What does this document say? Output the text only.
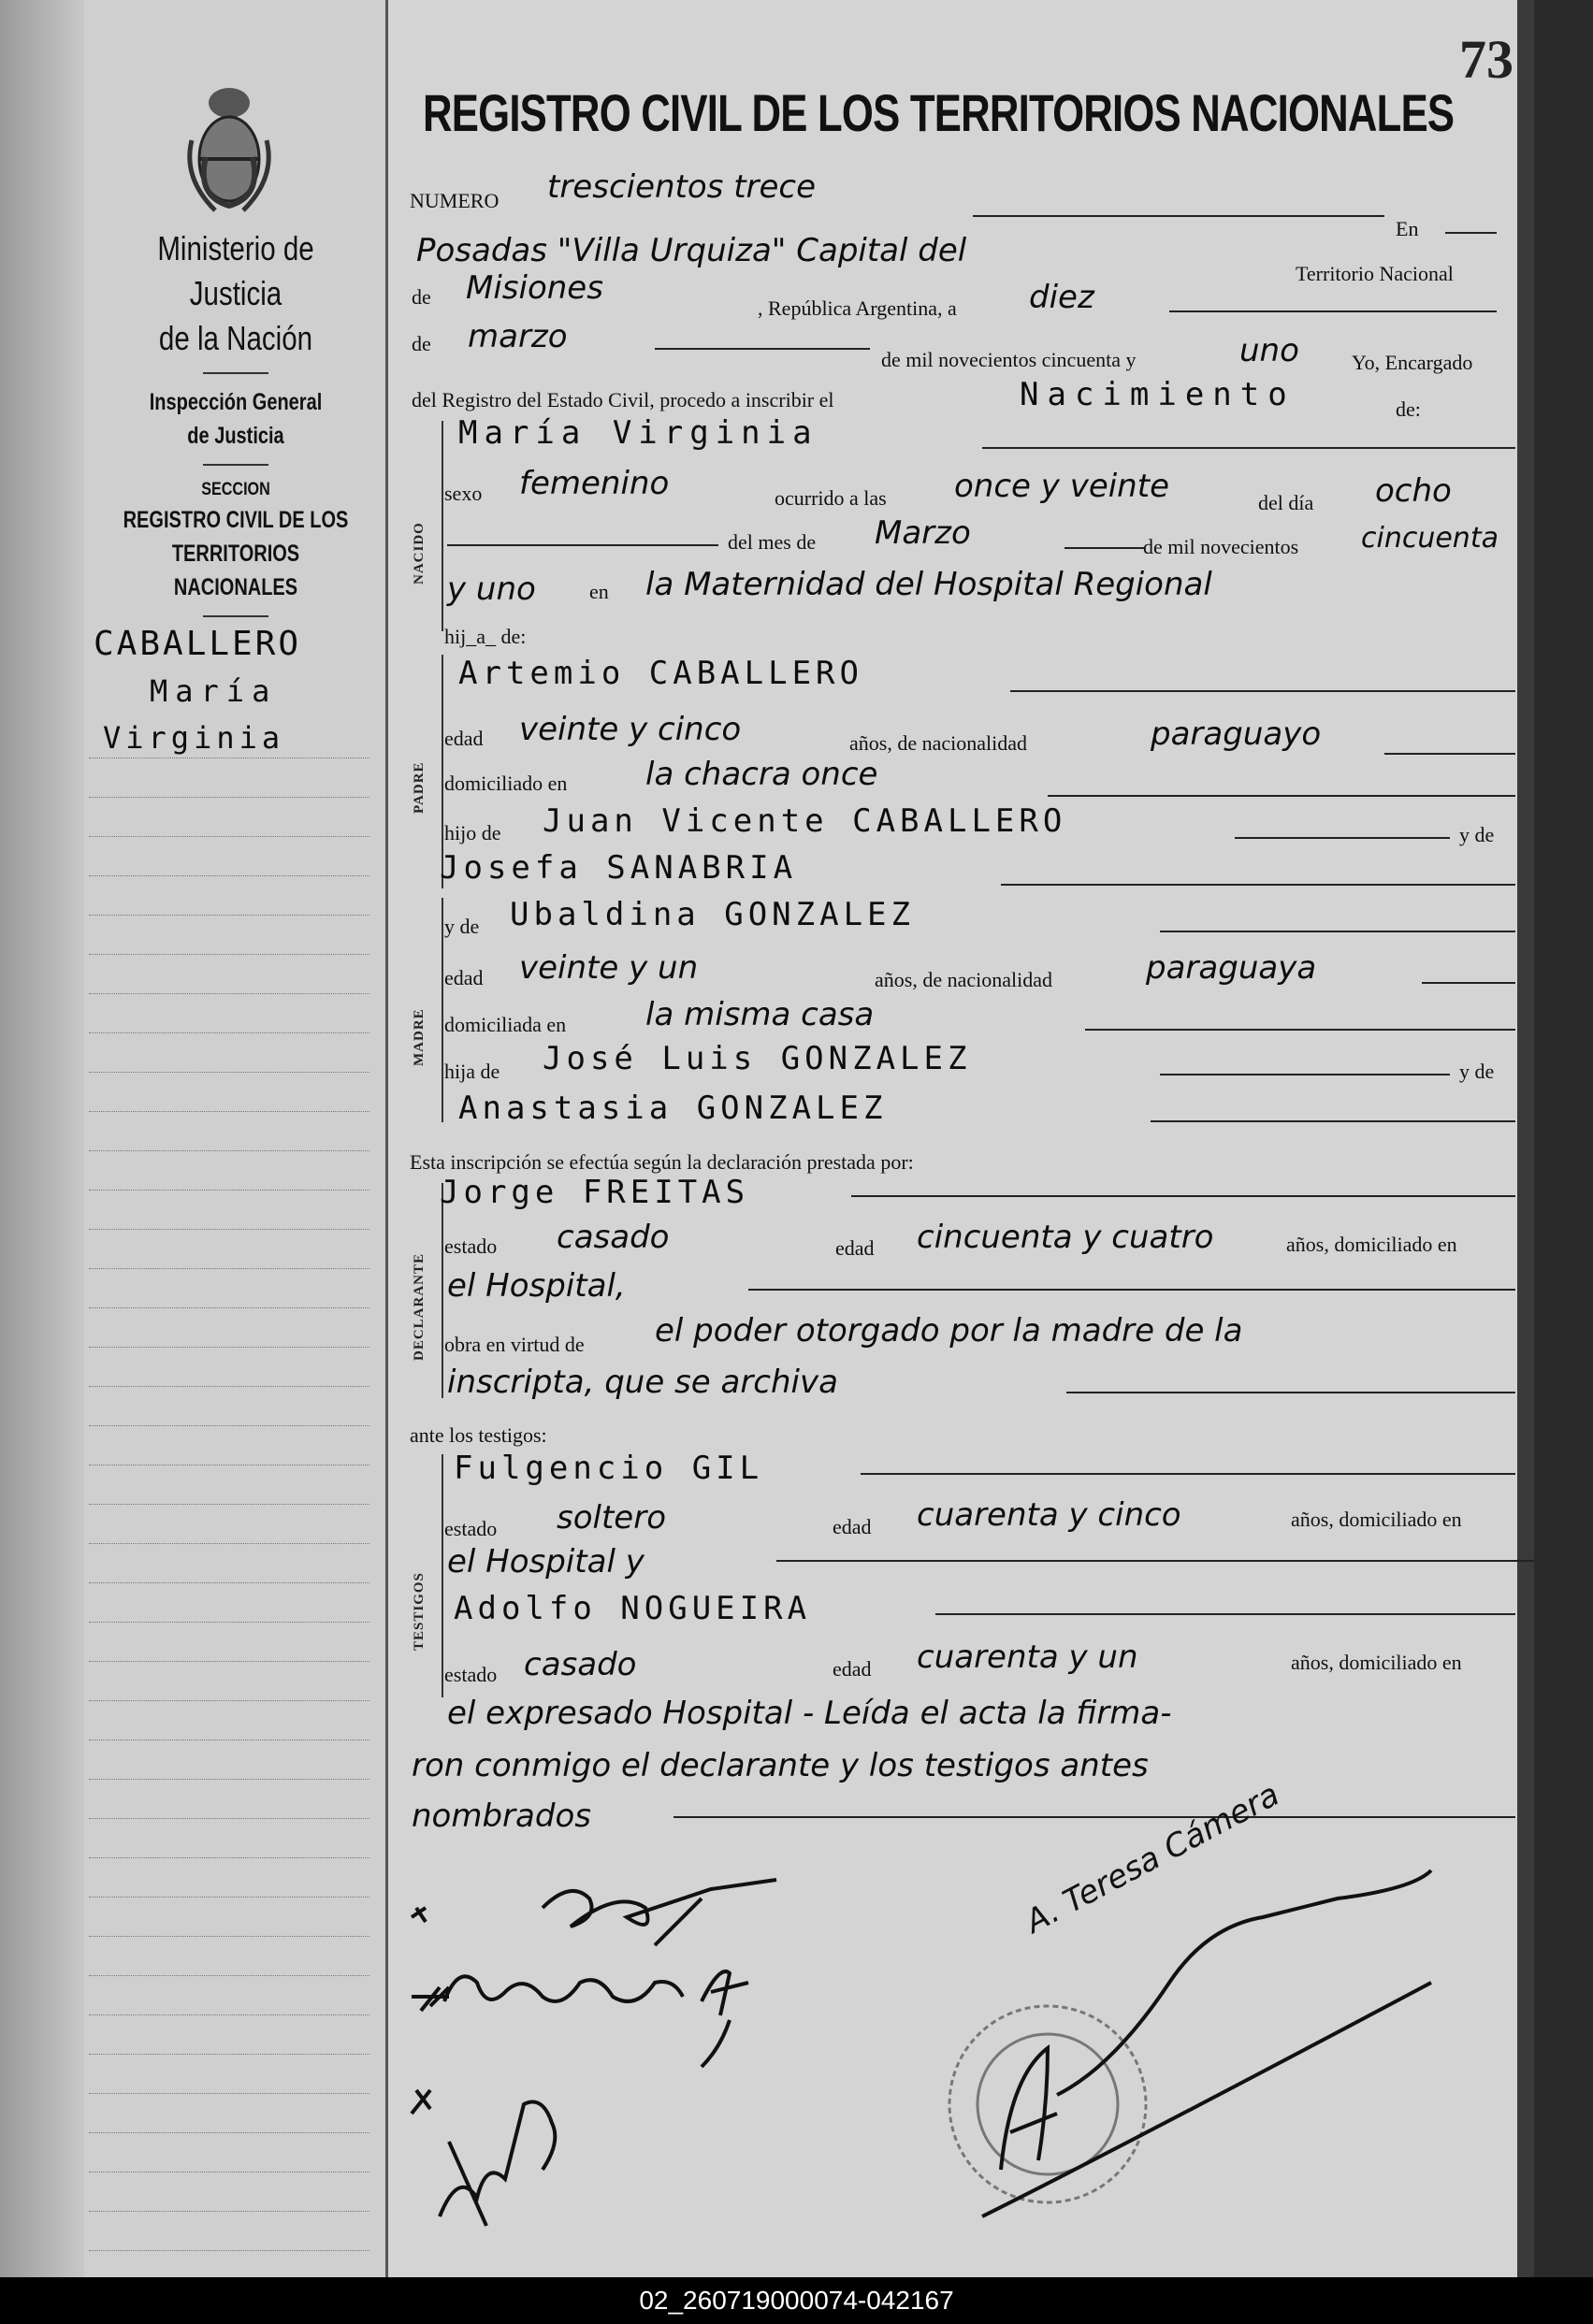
Ministerio de Justicia
de la Nación
Inspección General
de Justicia
SECCION
REGISTRO CIVIL DE LOS
TERRITORIOS NACIONALES
CABALLERO
María
Virginia
73
REGISTRO CIVIL DE LOS TERRITORIOS NACIONALES
NUMERO trescientos trece
En
Posadas "Villa Urquiza" Capital del
Territorio Nacional
de Misiones
, República Argentina, a diez
de marzo
de mil novecientos cincuenta y	uno	Yo, Encargado
del Registro del Estado Civil, procedo a inscribir el	Nacimiento	de:
NACIDO
María Virginia
sexo femenino	ocurrido a las once y veinte	del día ocho
del mes de Marzo	de mil novecientos cincuenta
y uno	en la Maternidad del Hospital Regional
hij_a_ de:
PADRE
Artemio CABALLERO
edad veinte y cinco	años, de nacionalidad	paraguayo
domiciliado en la chacra once
hijo de Juan Vicente CABALLERO	y de
Josefa SANABRIA
MADRE
y de Ubaldina GONZALEZ
edad veinte y un	años, de nacionalidad	paraguaya
domiciliada en la misma casa
hija de José Luis GONZALEZ	y de
Anastasia GONZALEZ
Esta inscripción se efectúa según la declaración prestada por:
DECLARANTE
Jorge FREITAS
estado casado	edad cincuenta y cuatro	años, domiciliado en
el Hospital,
obra en virtud de el poder otorgado por la madre de la
inscripta, que se archiva
ante los testigos:
TESTIGOS
Fulgencio GIL
estado soltero	edad cuarenta y cinco	años, domiciliado en
el Hospital y
Adolfo NOGUEIRA
estado casado	edad cuarenta y un	años, domiciliado en
el expresado Hospital - Leída el acta la firma-
ron conmigo el declarante y los testigos antes
nombrados	A. Teresa Cámera
02_260719000074-042167
